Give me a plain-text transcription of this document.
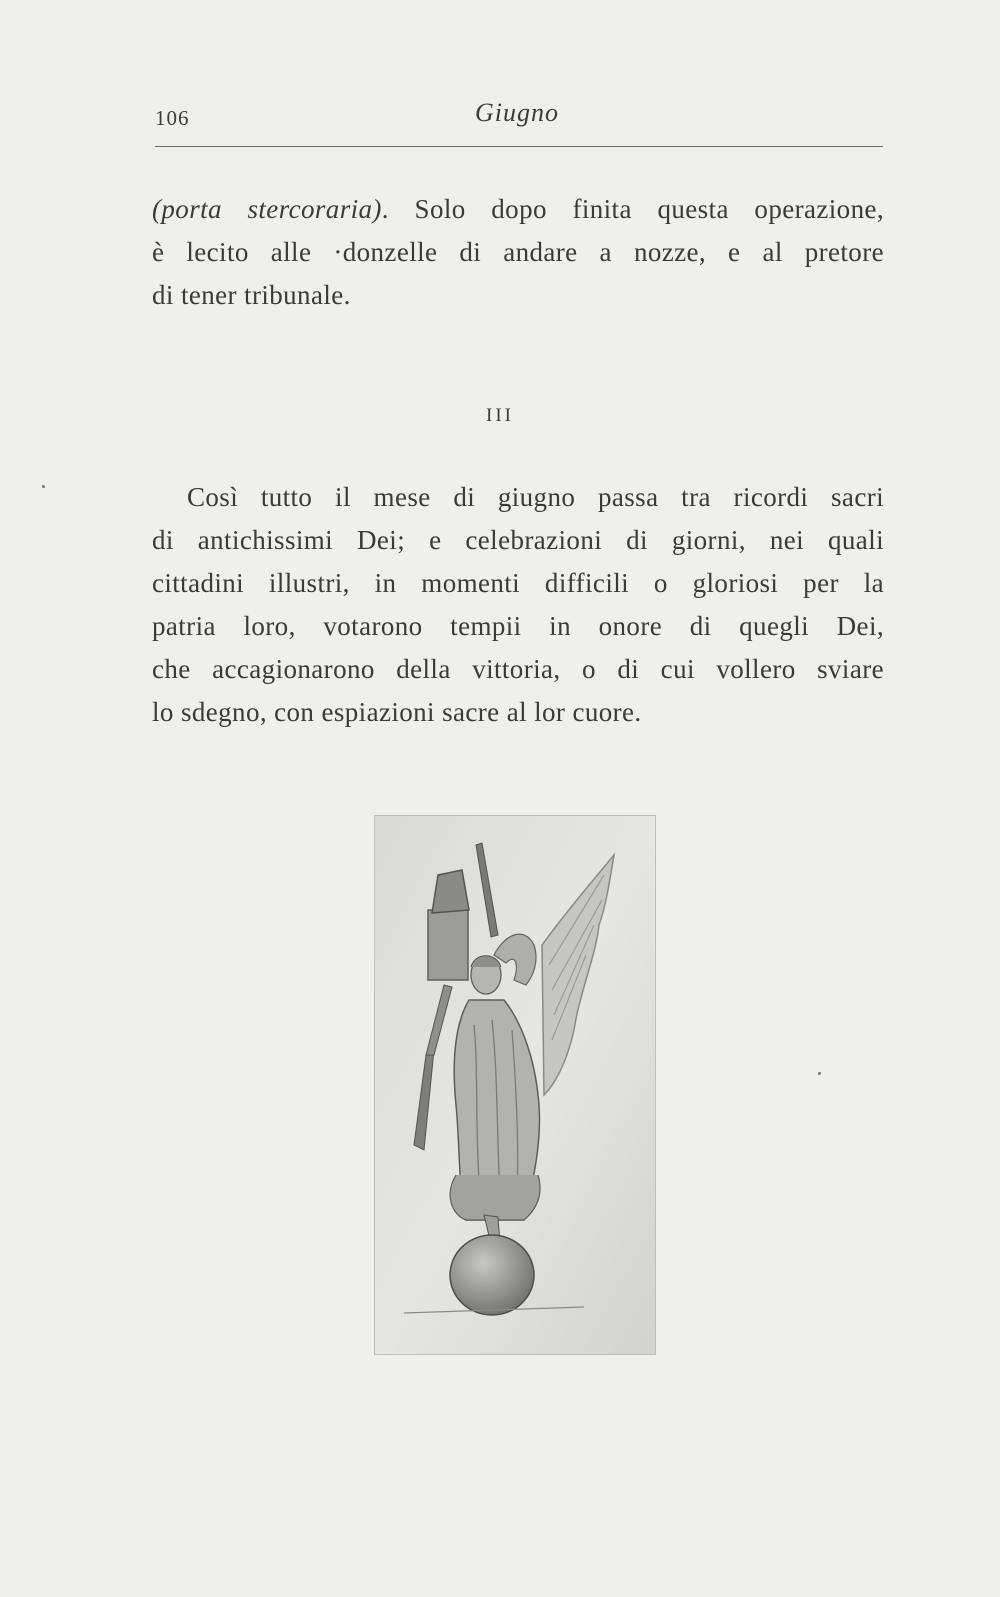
106	Giugno
(porta stercoraria). Solo dopo finita questa operazione,
è lecito alle ·donzelle di andare a nozze, e al pretore
di tener tribunale.
III
Così tutto il mese di giugno passa tra ricordi sacri
di antichissimi Dei; e celebrazioni di giorni, nei quali
cittadini illustri, in momenti difficili o gloriosi per la
patria loro, votarono tempii in onore di quegli Dei,
che accagionarono della vittoria, o di cui vollero sviare
lo sdegno, con espiazioni sacre al lor cuore.
